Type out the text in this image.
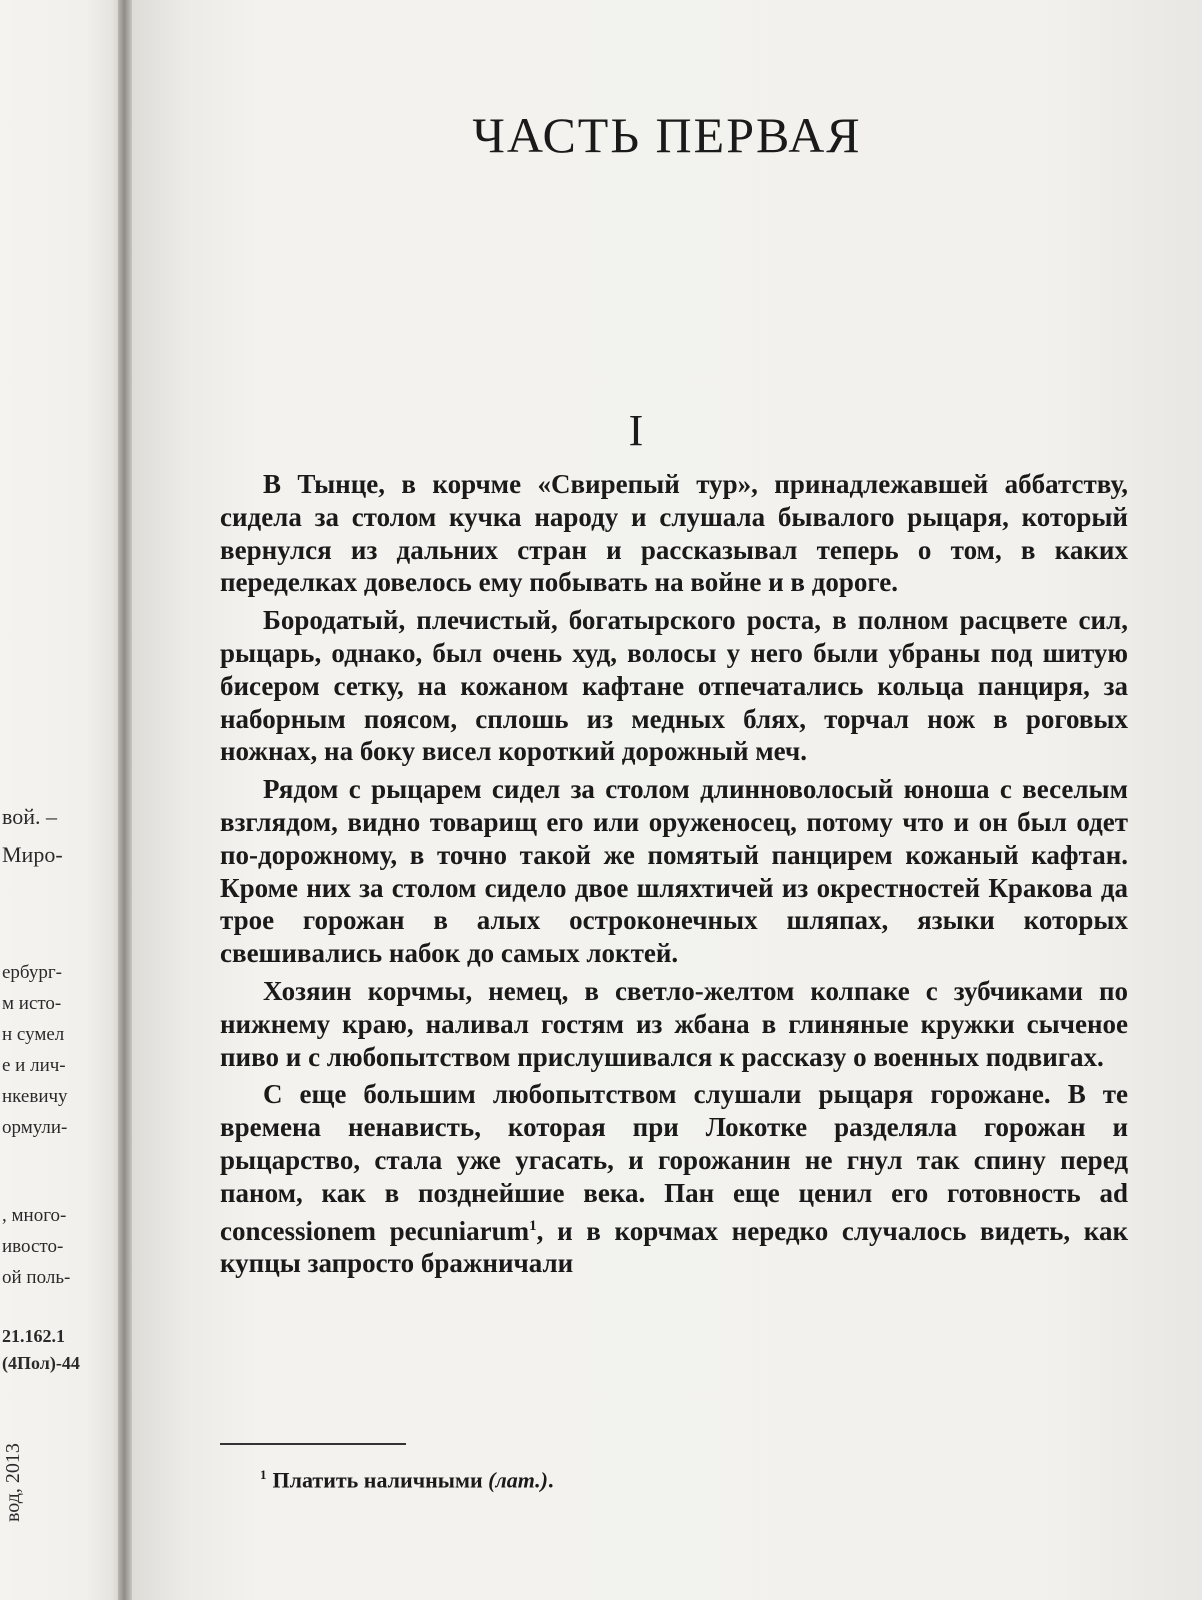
вой. –
Миро-
ербург-
м исто-
н сумел
е и лич-
нкевичу
ормули-
, много-
ивосто-
ой поль-
21.162.1
(4Пол)-44
вод, 2013
ЧАСТЬ ПЕРВАЯ
I

В Тынце, в корчме «Свирепый тур», принадлежавшей аббатству, сидела за столом кучка народу и слушала бывалого рыцаря, который вернулся из дальних стран и рассказывал теперь о том, в каких переделках довелось ему побывать на войне и в дороге.

Бородатый, плечистый, богатырского роста, в полном расцвете сил, рыцарь, однако, был очень худ, волосы у него были убраны под шитую бисером сетку, на кожаном кафтане отпечатались кольца панциря, за наборным поясом, сплошь из медных блях, торчал нож в роговых ножнах, на боку висел короткий дорожный меч.

Рядом с рыцарем сидел за столом длинноволосый юноша с веселым взглядом, видно товарищ его или оруженосец, потому что и он был одет по-дорожному, в точно такой же помятый панцирем кожаный кафтан. Кроме них за столом сидело двое шляхтичей из окрестностей Кракова да трое горожан в алых остроконечных шляпах, языки которых свешивались набок до самых локтей.

Хозяин корчмы, немец, в светло-желтом колпаке с зубчиками по нижнему краю, наливал гостям из жбана в глиняные кружки сыченое пиво и с любопытством прислушивался к рассказу о военных подвигах.

С еще большим любопытством слушали рыцаря горожане. В те времена ненависть, которая при Локотке разделяла горожан и рыцарство, стала уже угасать, и горожанин не гнул так спину перед паном, как в позднейшие века. Пан еще ценил его готовность ad concessionem pecuniarum$^1$, и в корчмах нередко случалось видеть, как купцы запросто бражничали

$^1$ Платить наличными (лат.).
